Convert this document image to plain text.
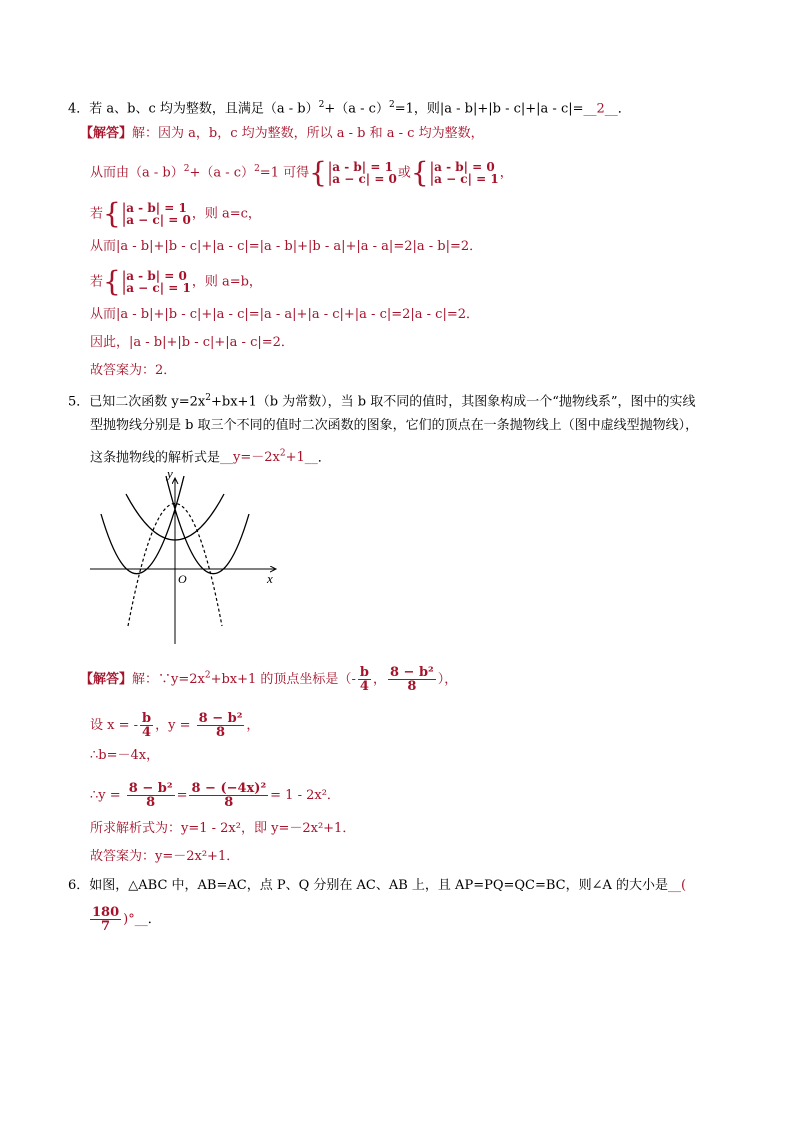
4．若 a、b、c 均为整数，且满足（a - b）$^2$+（a - c）$^2$=1，则|a - b|+|b - c|+|a - c|=__2__．
【解答】解：因为 a，b，c 均为整数，所以 a - b 和 a - c 均为整数，
从而由（a - b）$^2$+（a - c）$^2$=1 可得{ |a - b| = 1
|a − c| = 0 或{ |a - b| = 0
|a − c| = 1 ，
若{ |a - b| = 1
|a − c| = 0 ，则 a=c，
从而|a - b|+|b - c|+|a - c|=|a - b|+|b - a|+|a - a|=2|a - b|=2．
若{ |a - b| = 0
|a − c| = 1 ，则 a=b，
从而|a - b|+|b - c|+|a - c|=|a - a|+|a - c|+|a - c|=2|a - c|=2．
因此，|a - b|+|b - c|+|a - c|=2．
故答案为：2．
5．已知二次函数 $y=2x^2+bx+1(b$ 为常数），当 b 取不同的值时，其图象构成一个“抛物线系”，图中的实线
型抛物线分别是 b 取三个不同的值时二次函数的图象，它们的顶点在一条抛物线上（图中虚线型抛物线），
这条抛物线的解析式是$\_\_y=-2x^2+1\_\_$．
y
x
O
【解答】解：$\because y=2x^2+bx+1$ 的顶点坐标是（- $\frac{b}{4}$ ， $\frac{\text{8 − b²}}{8}$ ），
设 x = - $\frac{b}{4}$ ，$y = \frac{\text{8 − b²}}{8}$ ，
∴b=－4x，
∴y = $\frac{\text{8 − b²}}{8} = \frac{\text{8 − (−4x)²}}{8} = 1 - 2x^2$．
所求解析式为：y=1 - 2x²，即 y=－2x²+1．
故答案为：y=－2x²+1．
6．如图，△ABC 中，AB=AC，点 P、Q 分别在 AC、AB 上，且 AP=PQ=QC=BC，则∠A 的大小是__(
$\frac{180}{7}$ )°__．
